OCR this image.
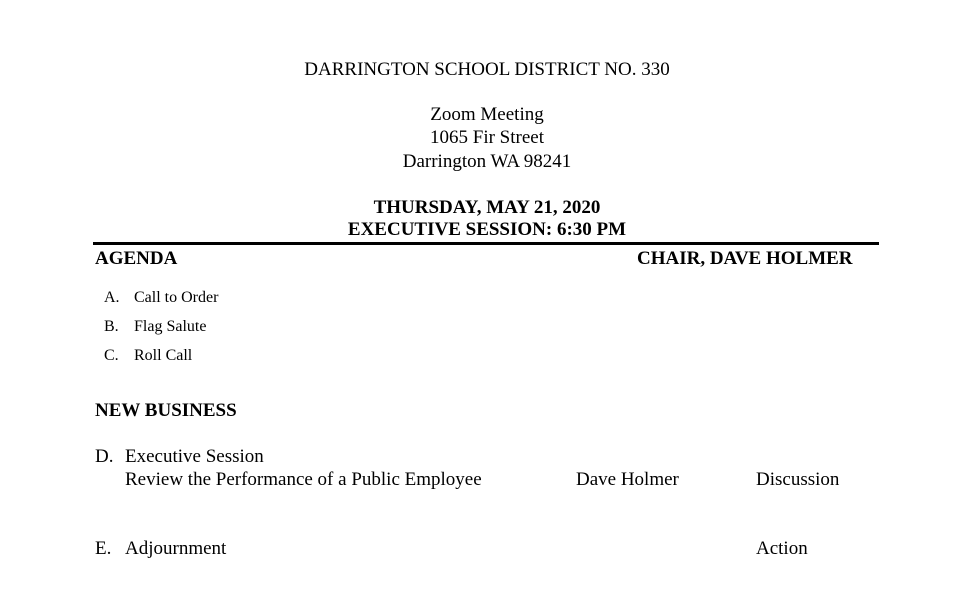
DARRINGTON SCHOOL DISTRICT NO. 330
Zoom Meeting
1065 Fir Street
Darrington WA 98241
THURSDAY, MAY 21, 2020
EXECUTIVE SESSION: 6:30 PM
AGENDA	CHAIR, DAVE HOLMER
A. Call to Order
B. Flag Salute
C. Roll Call
NEW BUSINESS
D. Executive Session
Review the Performance of a Public Employee	Dave Holmer	Discussion
E. Adjournment	Action
